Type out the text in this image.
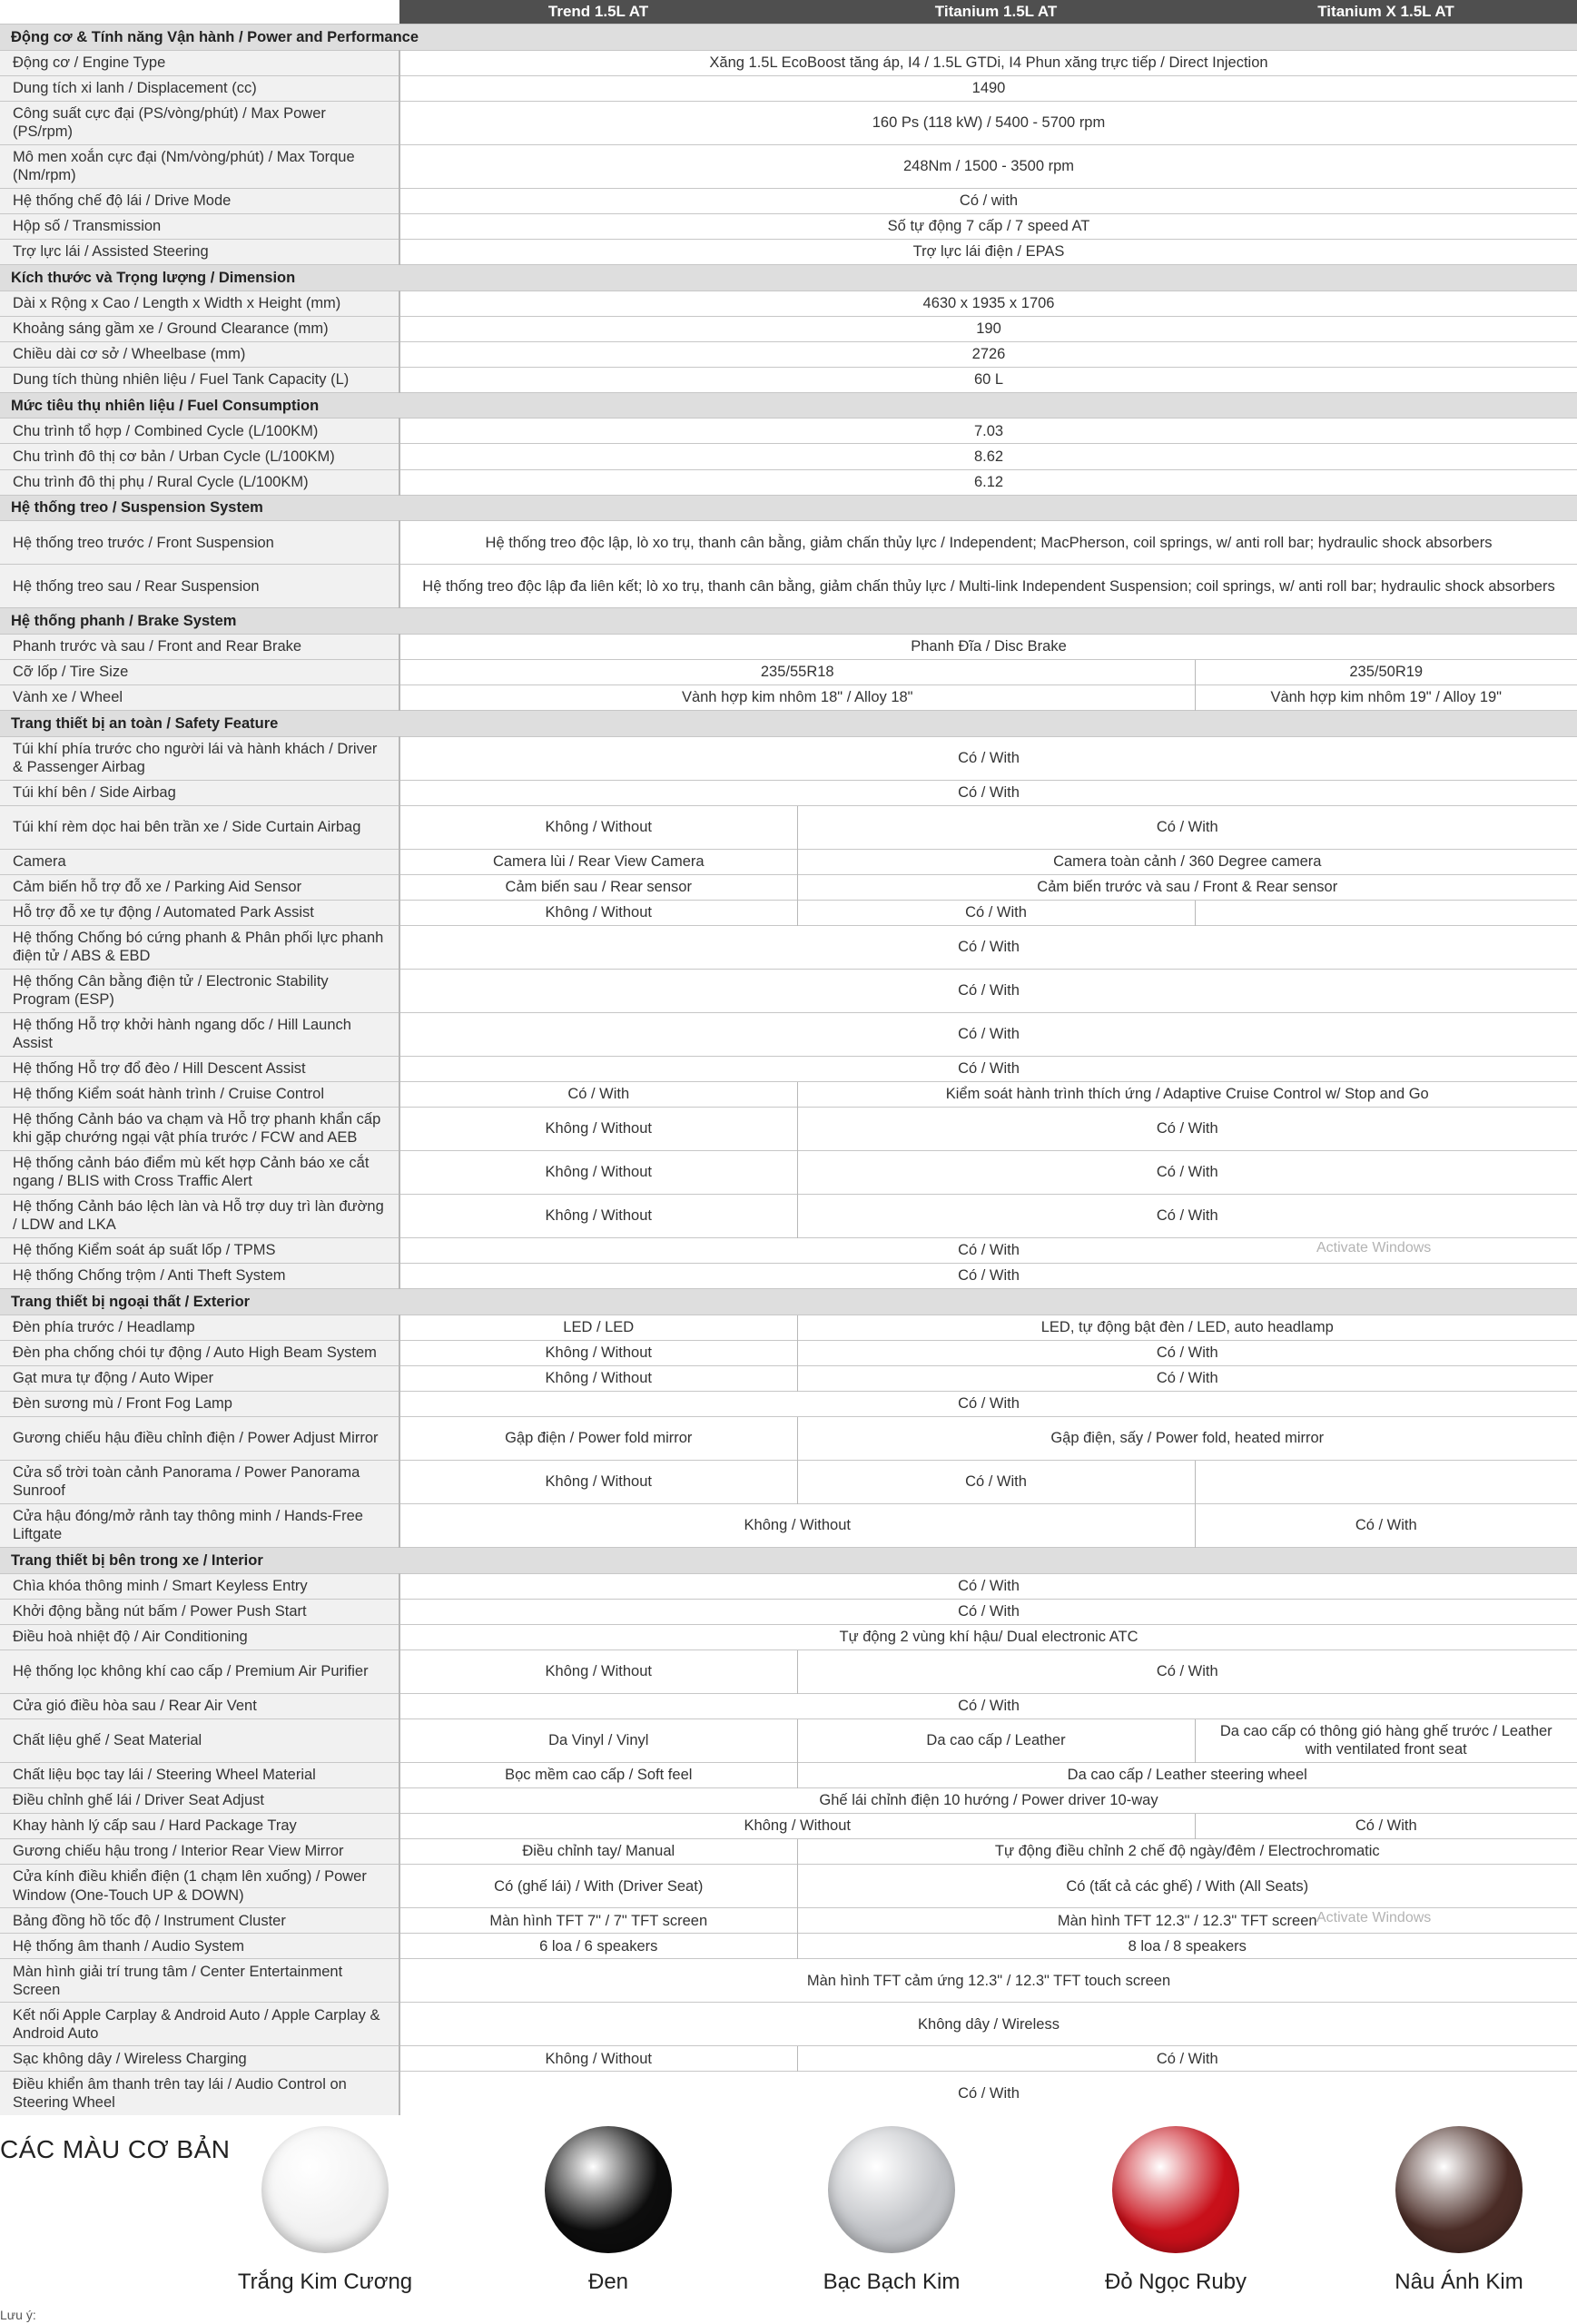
	Trend 1.5L AT	Titanium 1.5L AT	Titanium X 1.5L AT
Động cơ & Tính năng Vận hành / Power and Performance			
Động cơ / Engine Type	Xăng 1.5L EcoBoost tăng áp, I4 / 1.5L GTDi, I4 Phun xăng trực tiếp / Direct Injection		
Dung tích xi lanh / Displacement (cc)	1490		
Công suất cực đại (PS/vòng/phút) / Max Power (PS/rpm)	160 Ps (118 kW) / 5400 - 5700 rpm		
Mô men xoắn cực đại (Nm/vòng/phút) / Max Torque (Nm/rpm)	248Nm / 1500 - 3500 rpm		
Hệ thống chế độ lái / Drive Mode	Có / with		
Hộp số / Transmission	Số tự động 7 cấp / 7 speed AT		
Trợ lực lái / Assisted Steering	Trợ lực lái điện / EPAS		
Kích thước và Trọng lượng / Dimension			
Dài x Rộng x Cao / Length x Width x Height (mm)	4630 x 1935 x 1706		
Khoảng sáng gầm xe / Ground Clearance (mm)	190		
Chiều dài cơ sở / Wheelbase (mm)	2726		
Dung tích thùng nhiên liệu / Fuel Tank Capacity (L)	60 L		
Mức tiêu thụ nhiên liệu / Fuel Consumption			
Chu trình tổ hợp / Combined Cycle (L/100KM)	7.03		
Chu trình đô thị cơ bản / Urban Cycle (L/100KM)	8.62		
Chu trình đô thị phụ / Rural Cycle (L/100KM)	6.12		
Hệ thống treo / Suspension System			
Hệ thống treo trước / Front Suspension	Hệ thống treo độc lập, lò xo trụ, thanh cân bằng, giảm chấn thủy lực / Independent; MacPherson, coil springs, w/ anti roll bar; hydraulic shock absorbers		
Hệ thống treo sau / Rear Suspension	Hệ thống treo độc lập đa liên kết; lò xo trụ, thanh cân bằng, giảm chấn thủy lực / Multi-link Independent Suspension; coil springs, w/ anti roll bar; hydraulic shock absorbers		
Hệ thống phanh / Brake System			
Phanh trước và sau / Front and Rear Brake	Phanh Đĩa / Disc Brake		
Cỡ lốp / Tire Size	235/55R18		235/50R19
Vành xe / Wheel	Vành hợp kim nhôm 18" / Alloy 18"		Vành hợp kim nhôm 19" / Alloy 19"
Trang thiết bị an toàn / Safety Feature			
Túi khí phía trước cho người lái và hành khách / Driver & Passenger Airbag	Có / With		
Túi khí bên / Side Airbag	Có / With		
Túi khí rèm dọc hai bên trần xe / Side Curtain Airbag	Không / Without	Có / With	
Camera	Camera lùi / Rear View Camera	Camera toàn cảnh / 360 Degree camera	
Cảm biến hỗ trợ đỗ xe / Parking Aid Sensor	Cảm biến sau / Rear sensor	Cảm biến trước và sau / Front & Rear sensor	
Hỗ trợ đỗ xe tự động / Automated Park Assist	Không / Without	Có / With	
Hệ thống Chống bó cứng phanh & Phân phối lực phanh điện tử / ABS & EBD	Có / With		
Hệ thống Cân bằng điện tử / Electronic Stability Program (ESP)	Có / With		
Hệ thống Hỗ trợ khởi hành ngang dốc / Hill Launch Assist	Có / With		
Hệ thống Hỗ trợ đổ đèo / Hill Descent Assist	Có / With		
Hệ thống Kiểm soát hành trình / Cruise Control	Có / With	Kiểm soát hành trình thích ứng / Adaptive Cruise Control w/ Stop and Go	
Hệ thống Cảnh báo va chạm và Hỗ trợ phanh khẩn cấp khi gặp chướng ngại vật phía trước / FCW and AEB	Không / Without	Có / With	
Hệ thống cảnh báo điểm mù kết hợp Cảnh báo xe cắt ngang / BLIS with Cross Traffic Alert	Không / Without	Có / With	
Hệ thống Cảnh báo lệch làn và Hỗ trợ duy trì làn đường / LDW and LKA	Không / Without	Có / With	
Hệ thống Kiểm soát áp suất lốp / TPMS	Có / With		
Hệ thống Chống trộm / Anti Theft System	Có / With		
Trang thiết bị ngoại thất / Exterior			
Đèn phía trước / Headlamp	LED / LED	LED, tự động bật đèn / LED, auto headlamp	
Đèn pha chống chói tự động / Auto High Beam System	Không / Without	Có / With	
Gạt mưa tự động / Auto Wiper	Không / Without	Có / With	
Đèn sương mù / Front Fog Lamp	Có / With		
Gương chiếu hậu điều chỉnh điện / Power Adjust Mirror	Gập điện / Power fold mirror	Gập điện, sấy / Power fold, heated mirror	
Cửa sổ trời toàn cảnh Panorama / Power Panorama Sunroof	Không / Without	Có / With	
Cửa hậu đóng/mở rảnh tay thông minh / Hands-Free Liftgate	Không / Without		Có / With
Trang thiết bị bên trong xe / Interior			
Chìa khóa thông minh / Smart Keyless Entry	Có / With		
Khởi động bằng nút bấm / Power Push Start	Có / With		
Điều hoà nhiệt độ / Air Conditioning	Tự động 2 vùng khí hậu/ Dual electronic ATC		
Hệ thống lọc không khí cao cấp / Premium Air Purifier	Không / Without	Có / With	
Cửa gió điều hòa sau / Rear Air Vent	Có / With		
Chất liệu ghế / Seat Material	Da Vinyl / Vinyl	Da cao cấp / Leather	Da cao cấp có thông gió hàng ghế trước / Leather with ventilated front seat
Chất liệu bọc tay lái / Steering Wheel Material	Bọc mềm cao cấp / Soft feel	Da cao cấp / Leather steering wheel	
Điều chỉnh ghế lái / Driver Seat Adjust	Ghế lái chỉnh điện 10 hướng / Power driver 10-way		
Khay hành lý cấp sau / Hard Package Tray	Không / Without		Có / With
Gương chiếu hậu trong / Interior Rear View Mirror	Điều chỉnh tay/ Manual	Tự động điều chỉnh 2 chế độ ngày/đêm / Electrochromatic	
Cửa kính điều khiển điện (1 chạm lên xuống) / Power Window (One-Touch UP & DOWN)	Có (ghế lái) / With (Driver Seat)	Có (tất cả các ghế) / With (All Seats)	
Bảng đồng hồ tốc độ / Instrument Cluster	Màn hình TFT 7" / 7" TFT screen	Màn hình TFT 12.3" / 12.3" TFT screen	
Hệ thống âm thanh / Audio System	6 loa / 6 speakers	8 loa / 8 speakers	
Màn hình giải trí trung tâm / Center Entertainment Screen	Màn hình TFT cảm ứng 12.3" / 12.3" TFT touch screen		
Kết nối Apple Carplay & Android Auto / Apple Carplay & Android Auto	Không dây / Wireless		
Sạc không dây / Wireless Charging	Không / Without	Có / With	
Điều khiển âm thanh trên tay lái / Audio Control on Steering Wheel	Có / With		
Activate Windows
Activate Windows
CÁC MÀU CƠ BẢN
Trắng Kim Cương	Đen	Bạc Bạch Kim	Đỏ Ngọc Ruby	Nâu Ánh Kim
Lưu ý:
